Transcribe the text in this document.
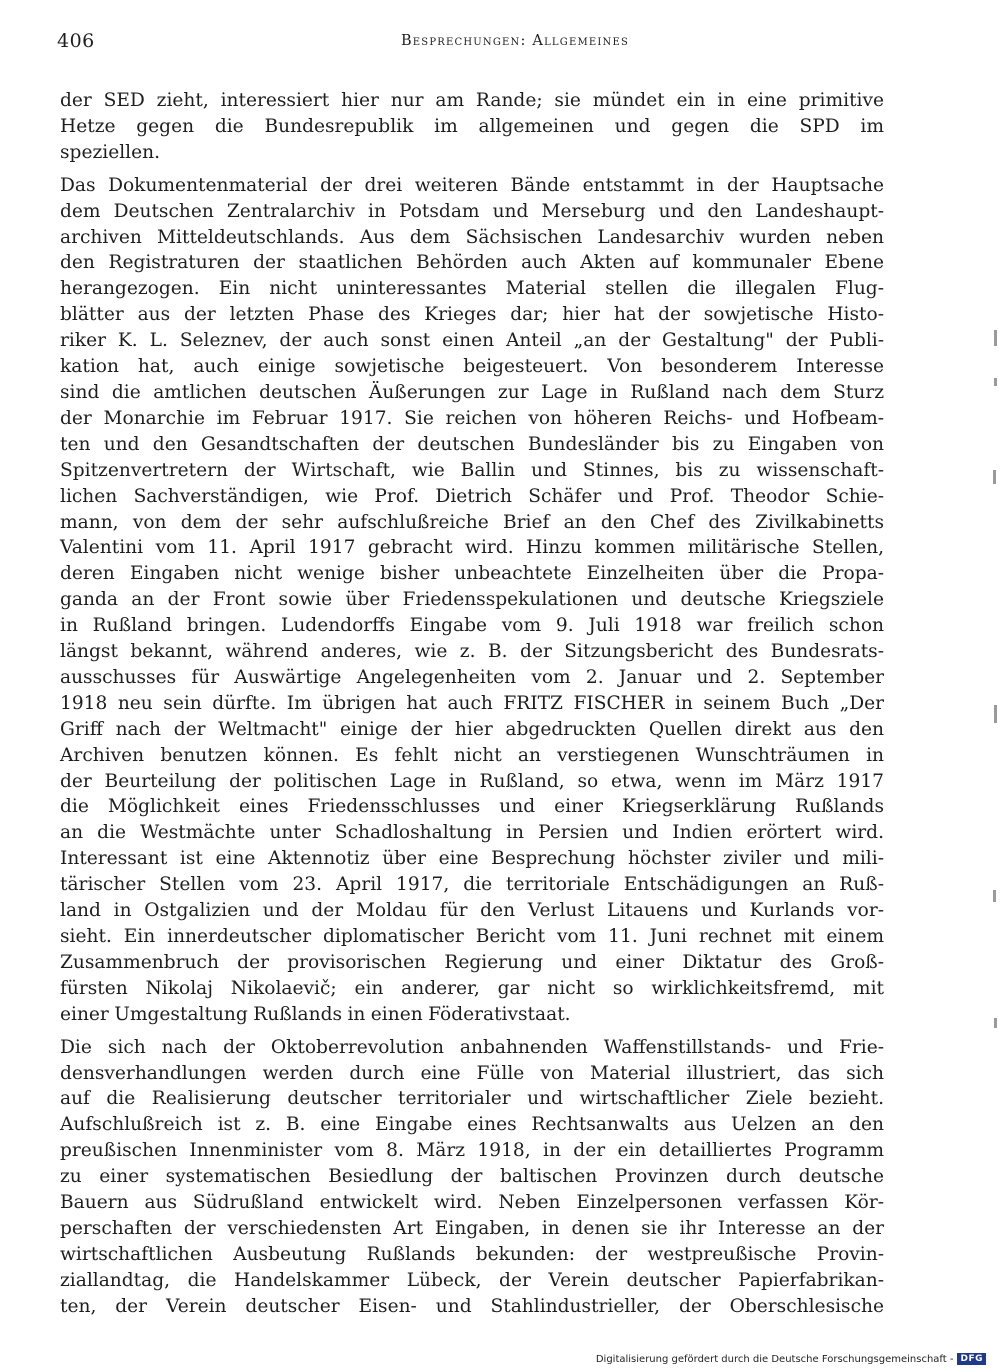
406	Besprechungen: Allgemeines
der SED zieht, interessiert hier nur am Rande; sie mündet ein in eine primitive
Hetze gegen die Bundesrepublik im allgemeinen und gegen die SPD im
speziellen.
Das Dokumentenmaterial der drei weiteren Bände entstammt in der Hauptsache
dem Deutschen Zentralarchiv in Potsdam und Merseburg und den Landeshaupt-
archiven Mitteldeutschlands. Aus dem Sächsischen Landesarchiv wurden neben
den Registraturen der staatlichen Behörden auch Akten auf kommunaler Ebene
herangezogen. Ein nicht uninteressantes Material stellen die illegalen Flug-
blätter aus der letzten Phase des Krieges dar; hier hat der sowjetische Histo-
riker K. L. Seleznev, der auch sonst einen Anteil „an der Gestaltung" der Publi-
kation hat, auch einige sowjetische beigesteuert. Von besonderem Interesse
sind die amtlichen deutschen Äußerungen zur Lage in Rußland nach dem Sturz
der Monarchie im Februar 1917. Sie reichen von höheren Reichs- und Hofbeam-
ten und den Gesandtschaften der deutschen Bundesländer bis zu Eingaben von
Spitzenvertretern der Wirtschaft, wie Ballin und Stinnes, bis zu wissenschaft-
lichen Sachverständigen, wie Prof. Dietrich Schäfer und Prof. Theodor Schie-
mann, von dem der sehr aufschlußreiche Brief an den Chef des Zivilkabinetts
Valentini vom 11. April 1917 gebracht wird. Hinzu kommen militärische Stellen,
deren Eingaben nicht wenige bisher unbeachtete Einzelheiten über die Propa-
ganda an der Front sowie über Friedensspekulationen und deutsche Kriegsziele
in Rußland bringen. Ludendorffs Eingabe vom 9. Juli 1918 war freilich schon
längst bekannt, während anderes, wie z. B. der Sitzungsbericht des Bundesrats-
ausschusses für Auswärtige Angelegenheiten vom 2. Januar und 2. September
1918 neu sein dürfte. Im übrigen hat auch FRITZ FISCHER in seinem Buch „Der
Griff nach der Weltmacht" einige der hier abgedruckten Quellen direkt aus den
Archiven benutzen können. Es fehlt nicht an verstiegenen Wunschträumen in
der Beurteilung der politischen Lage in Rußland, so etwa, wenn im März 1917
die Möglichkeit eines Friedensschlusses und einer Kriegserklärung Rußlands
an die Westmächte unter Schadloshaltung in Persien und Indien erörtert wird.
Interessant ist eine Aktennotiz über eine Besprechung höchster ziviler und mili-
tärischer Stellen vom 23. April 1917, die territoriale Entschädigungen an Ruß-
land in Ostgalizien und der Moldau für den Verlust Litauens und Kurlands vor-
sieht. Ein innerdeutscher diplomatischer Bericht vom 11. Juni rechnet mit einem
Zusammenbruch der provisorischen Regierung und einer Diktatur des Groß-
fürsten Nikolaj Nikolaevič; ein anderer, gar nicht so wirklichkeitsfremd, mit
einer Umgestaltung Rußlands in einen Föderativstaat.
Die sich nach der Oktoberrevolution anbahnenden Waffenstillstands- und Frie-
densverhandlungen werden durch eine Fülle von Material illustriert, das sich
auf die Realisierung deutscher territorialer und wirtschaftlicher Ziele bezieht.
Aufschlußreich ist z. B. eine Eingabe eines Rechtsanwalts aus Uelzen an den
preußischen Innenminister vom 8. März 1918, in der ein detailliertes Programm
zu einer systematischen Besiedlung der baltischen Provinzen durch deutsche
Bauern aus Südrußland entwickelt wird. Neben Einzelpersonen verfassen Kör-
perschaften der verschiedensten Art Eingaben, in denen sie ihr Interesse an der
wirtschaftlichen Ausbeutung Rußlands bekunden: der westpreußische Provin-
ziallandtag, die Handelskammer Lübeck, der Verein deutscher Papierfabrikan-
ten, der Verein deutscher Eisen- und Stahlindustrieller, der Oberschlesische
Digitalisierung gefördert durch die Deutsche Forschungsgemeinschaft - DFG
